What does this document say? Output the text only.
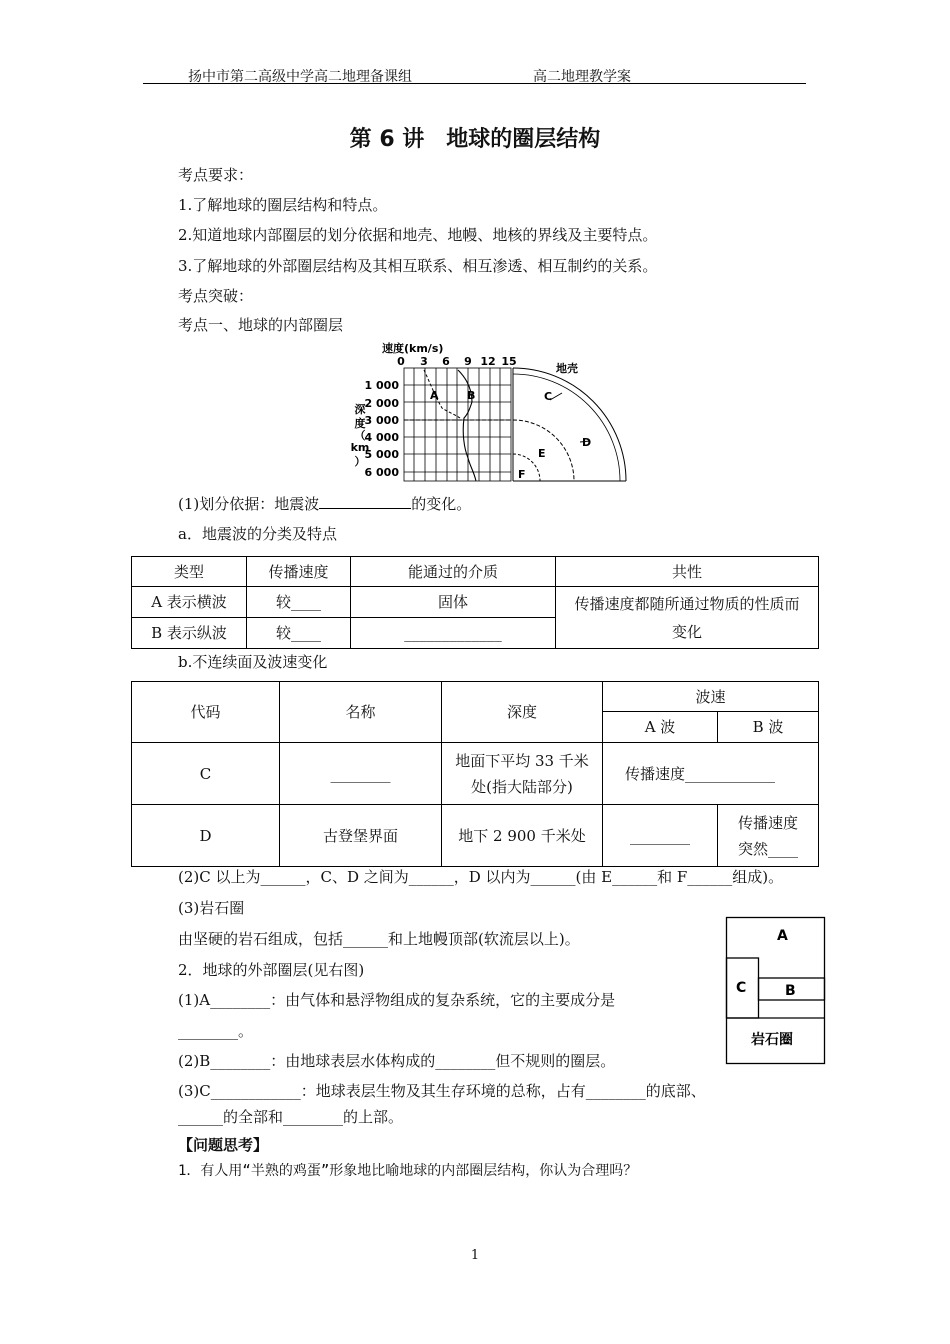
扬中市第二高级中学高二地理备课组	高二地理教学案
第 6 讲　地球的圈层结构
考点要求：
1.了解地球的圈层结构和特点。
2.知道地球内部圈层的划分依据和地壳、地幔、地核的界线及主要特点。
3.了解地球的外部圈层结构及其相互联系、相互渗透、相互制约的关系。
考点突破：
考点一、地球的内部圈层
速度(km/s)
0 3 6 9 12 15
1 000
2 000
3 000
4 000
5 000
6 000
深
度
（
km
）
A	B
地壳
C
D
E
F
(1)划分依据：地震波	的变化。
a．地震波的分类及特点
类型	传播速度	能通过的介质	共性
A 表示横波	较____	固体	传播速度都随所通过物质的性质而
变化

B 表示纵波	较____	_____________	
b.不连续面及波速变化
代码	名称	深度	波速	
			A 波	B 波
C	________	地面下平均 33 千米
处(指大陆部分)	传播速度____________	
D	古登堡界面	地下 2 900 千米处	________	传播速度
突然____
(2)C 以上为______，C、D 之间为______，D 以内为______(由 E______和 F______组成)。
(3)岩石圈
由坚硬的岩石组成，包括______和上地幔顶部(软流层以上)。
2．地球的外部圈层(见右图)
(1)A________：由气体和悬浮物组成的复杂系统，它的主要成分是
________。
(2)B________：由地球表层水体构成的________但不规则的圈层。
(3)C____________：地球表层生物及其生存环境的总称，占有________的底部、
______的全部和________的上部。
A
C	B
岩石圈
【问题思考】
1．有人用“半熟的鸡蛋”形象地比喻地球的内部圈层结构，你认为合理吗？
1
